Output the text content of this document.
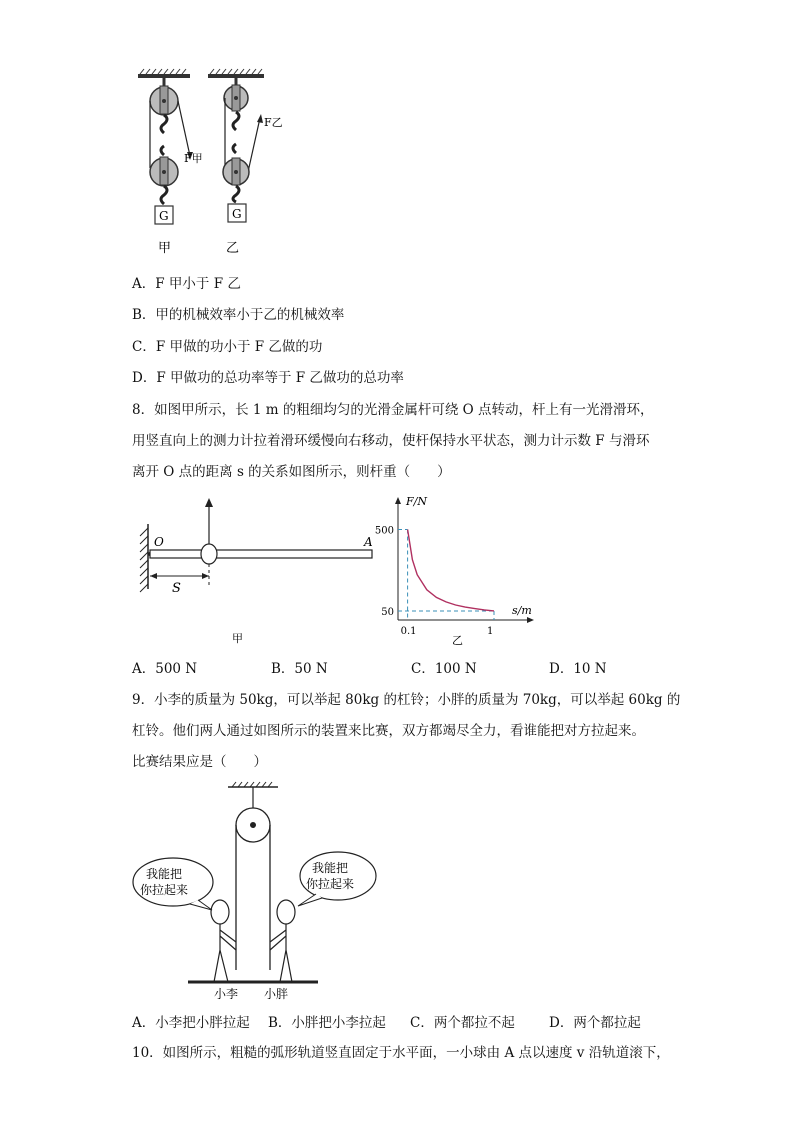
F甲
G
F乙
G
甲	乙
A．F 甲小于 F 乙
B．甲的机械效率小于乙的机械效率
C．F 甲做的功小于 F 乙做的功
D．F 甲做功的总功率等于 F 乙做功的总功率
8．如图甲所示，长 1 m 的粗细均匀的光滑金属杆可绕 O 点转动，杆上有一光滑滑环，
用竖直向上的测力计拉着滑环缓慢向右移动，使杆保持水平状态，测力计示数 F 与滑环
离开 O 点的距离 s 的关系如图所示，则杆重（　　）
O	A
S
甲
0.1	1
500
50
F/N
s/m
乙
A．500 N	B．50 N	C．100 N	D．10 N
9．小李的质量为 50kg，可以举起 80kg 的杠铃；小胖的质量为 70kg，可以举起 60kg 的
杠铃。他们两人通过如图所示的装置来比赛，双方都竭尽全力，看谁能把对方拉起来。
比赛结果应是（　　）
我能把
你拉起来
我能把
你拉起来
小李 小胖
A．小李把小胖拉起 B．小胖把小李拉起 C．两个都拉不起	D．两个都拉起
10．如图所示，粗糙的弧形轨道竖直固定于水平面，一小球由 A 点以速度 v 沿轨道滚下，
